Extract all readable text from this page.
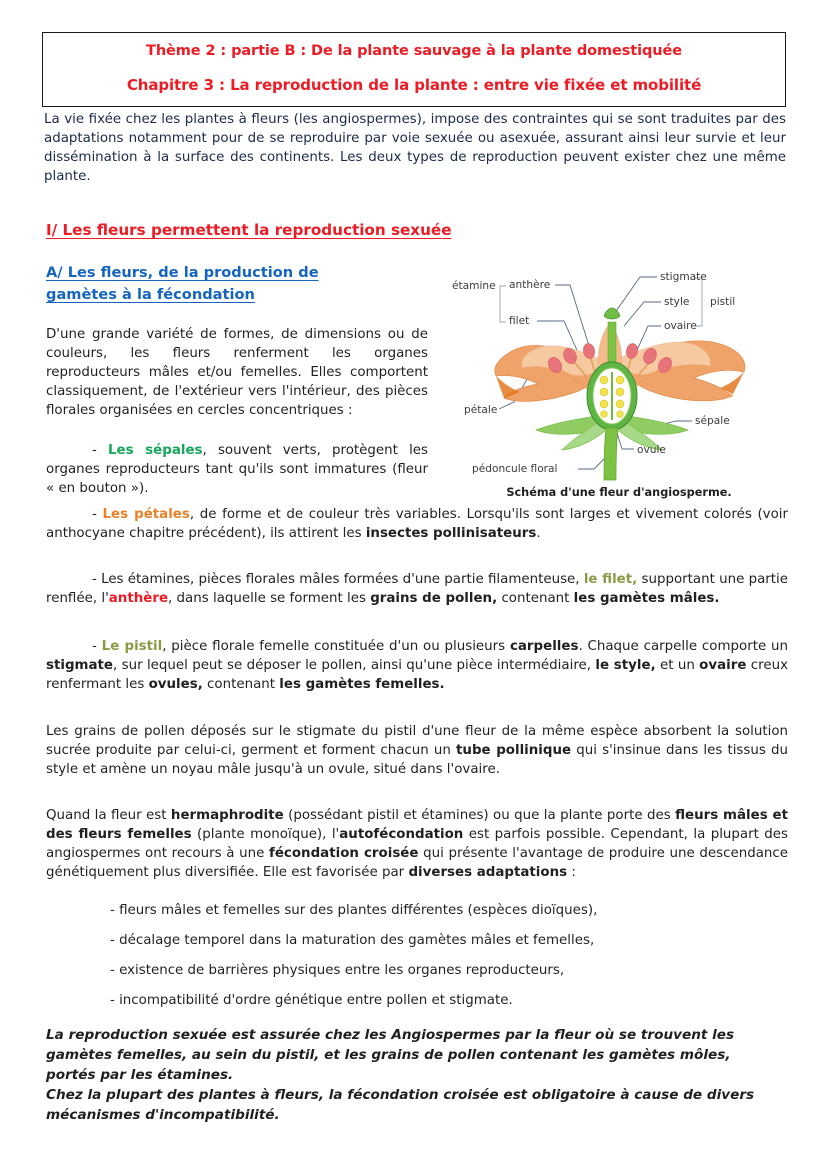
Thème 2 : partie B : De la plante sauvage à la plante domestiquée
Chapitre 3 : La reproduction de la plante : entre vie fixée et mobilité
La vie fixée chez les plantes à fleurs (les angiospermes), impose des contraintes qui se sont traduites par des adaptations notamment pour de se reproduire par voie sexuée ou asexuée, assurant ainsi leur survie et leur dissémination à la surface des continents. Les deux types de reproduction peuvent exister chez une même plante.
I/ Les fleurs permettent la reproduction sexuée
A/ Les fleurs, de la production de
gamètes à la fécondation	étamine anthère
filet
stigmate
style
ovaire
pistil
pétale
sépale
ovule
pédoncule floral
Schéma d'une fleur d'angiosperme.
D'une grande variété de formes, de dimensions ou de couleurs, les fleurs renferment les organes reproducteurs mâles et/ou femelles. Elles comportent classiquement, de l'extérieur vers l'intérieur, des pièces florales organisées en cercles concentriques :
- Les sépales, souvent verts, protègent les organes reproducteurs tant qu'ils sont immatures (fleur « en bouton »).
- Les pétales, de forme et de couleur très variables. Lorsqu'ils sont larges et vivement colorés (voir anthocyane chapitre précédent), ils attirent les insectes pollinisateurs.
- Les étamines, pièces florales mâles formées d'une partie filamenteuse, le filet, supportant une partie renflée, l'anthère, dans laquelle se forment les grains de pollen, contenant les gamètes mâles.
- Le pistil, pièce florale femelle constituée d'un ou plusieurs carpelles. Chaque carpelle comporte un stigmate, sur lequel peut se déposer le pollen, ainsi qu'une pièce intermédiaire, le style, et un ovaire creux renfermant les ovules, contenant les gamètes femelles.
Les grains de pollen déposés sur le stigmate du pistil d'une fleur de la même espèce absorbent la solution sucrée produite par celui-ci, germent et forment chacun un tube pollinique qui s'insinue dans les tissus du style et amène un noyau mâle jusqu'à un ovule, situé dans l'ovaire.
Quand la fleur est hermaphrodite (possédant pistil et étamines) ou que la plante porte des fleurs mâles et des fleurs femelles (plante monoïque), l'autofécondation est parfois possible. Cependant, la plupart des angiospermes ont recours à une fécondation croisée qui présente l'avantage de produire une descendance génétiquement plus diversifiée. Elle est favorisée par diverses adaptations :
- fleurs mâles et femelles sur des plantes différentes (espèces dioïques),
- décalage temporel dans la maturation des gamètes mâles et femelles,
- existence de barrières physiques entre les organes reproducteurs,
- incompatibilité d'ordre génétique entre pollen et stigmate.
La reproduction sexuée est assurée chez les Angiospermes par la fleur où se trouvent les gamètes femelles, au sein du pistil, et les grains de pollen contenant les gamètes môles, portés par les étamines.
Chez la plupart des plantes à fleurs, la fécondation croisée est obligatoire à cause de divers mécanismes d'incompatibilité.
